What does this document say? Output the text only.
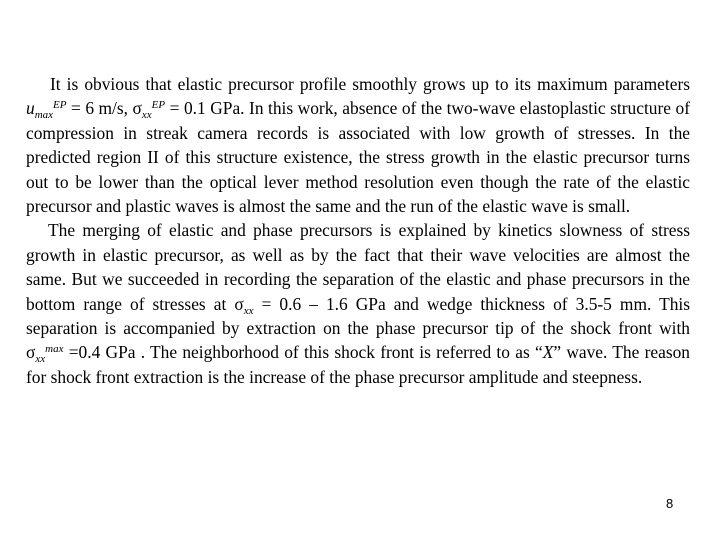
It is obvious that elastic precursor profile smoothly grows up to its maximum parameters $u_{max}^{EP} = 6$ m/s, $\sigma_{xx}^{EP} = 0.1$ GPa. In this work, absence of the two-wave elastoplastic structure of compression in streak camera records is associated with low growth of stresses. In the predicted region II of this structure existence, the stress growth in the elastic precursor turns out to be lower than the optical lever method resolution even though the rate of the elastic precursor and plastic waves is almost the same and the run of the elastic wave is small.

The merging of elastic and phase precursors is explained by kinetics slowness of stress growth in elastic precursor, as well as by the fact that their wave velocities are almost the same. But we succeeded in recording the separation of the elastic and phase precursors in the bottom range of stresses at $\sigma_{xx} = 0.6 - 1.6$ GPa and wedge thickness of 3.5-5 mm. This separation is accompanied by extraction on the phase precursor tip of the shock front with $\sigma_{xx}^{max} =0.4$ GPa . The neighborhood of this shock front is referred to as “X” wave. The reason for shock front extraction is the increase of the phase precursor amplitude and steepness.

8
